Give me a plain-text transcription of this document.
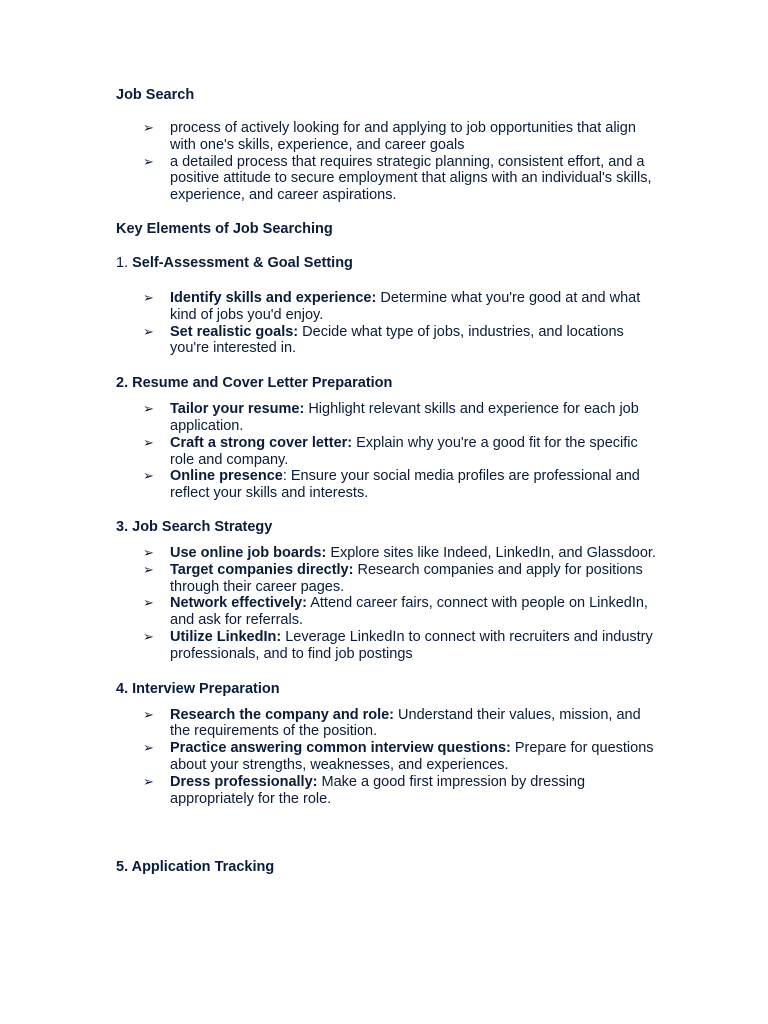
Job Search
➢ process of actively looking for and applying to job opportunities that align with one's skills, experience, and career goals
➢ a detailed process that requires strategic planning, consistent effort, and a positive attitude to secure employment that aligns with an individual's skills, experience, and career aspirations.
Key Elements of Job Searching
1. Self-Assessment & Goal Setting
➢ Identify skills and experience: Determine what you're good at and what kind of jobs you'd enjoy.
➢ Set realistic goals: Decide what type of jobs, industries, and locations you're interested in.
2. Resume and Cover Letter Preparation
➢ Tailor your resume: Highlight relevant skills and experience for each job application.
➢ Craft a strong cover letter: Explain why you're a good fit for the specific role and company.
➢ Online presence: Ensure your social media profiles are professional and reflect your skills and interests.
3. Job Search Strategy
➢ Use online job boards: Explore sites like Indeed, LinkedIn, and Glassdoor.
➢ Target companies directly: Research companies and apply for positions through their career pages.
➢ Network effectively: Attend career fairs, connect with people on LinkedIn, and ask for referrals.
➢ Utilize LinkedIn: Leverage LinkedIn to connect with recruiters and industry professionals, and to find job postings
4. Interview Preparation
➢ Research the company and role: Understand their values, mission, and the requirements of the position.
➢ Practice answering common interview questions: Prepare for questions about your strengths, weaknesses, and experiences.
➢ Dress professionally: Make a good first impression by dressing appropriately for the role.
5. Application Tracking
